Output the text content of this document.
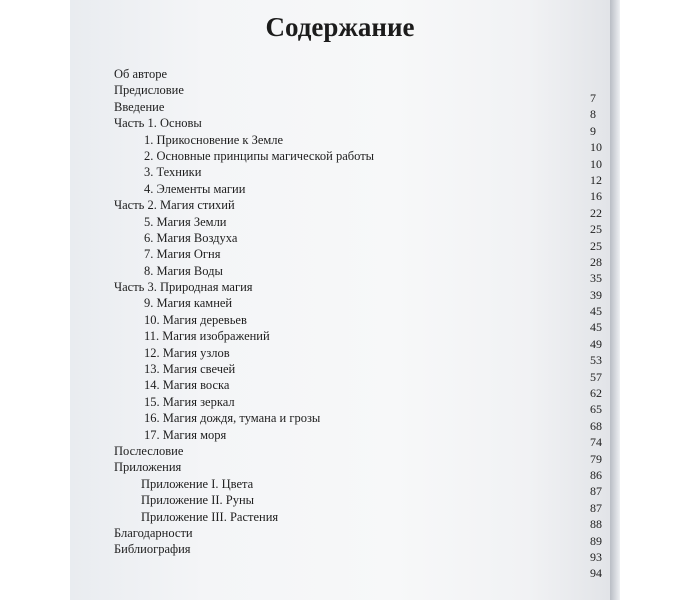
Содержание
Об авторе
Предисловие
Введение
Часть 1. Основы
1. Прикосновение к Земле
2. Основные принципы магической работы
3. Техники
4. Элементы магии
Часть 2. Магия стихий
5. Магия Земли
6. Магия Воздуха
7. Магия Огня
8. Магия Воды
Часть 3. Природная магия
9. Магия камней
10. Магия деревьев
11. Магия изображений
12. Магия узлов
13. Магия свечей
14. Магия воска
15. Магия зеркал
16. Магия дождя, тумана и грозы
17. Магия моря
Послесловие
Приложения
Приложение I. Цвета
Приложение II. Руны
Приложение III. Растения
Благодарности
Библиография
7
8
9
10
10
12
16
22
25
25
28
35
39
45
45
49
53
57
62
65
68
74
79
86
87
87
88
89
93
94
